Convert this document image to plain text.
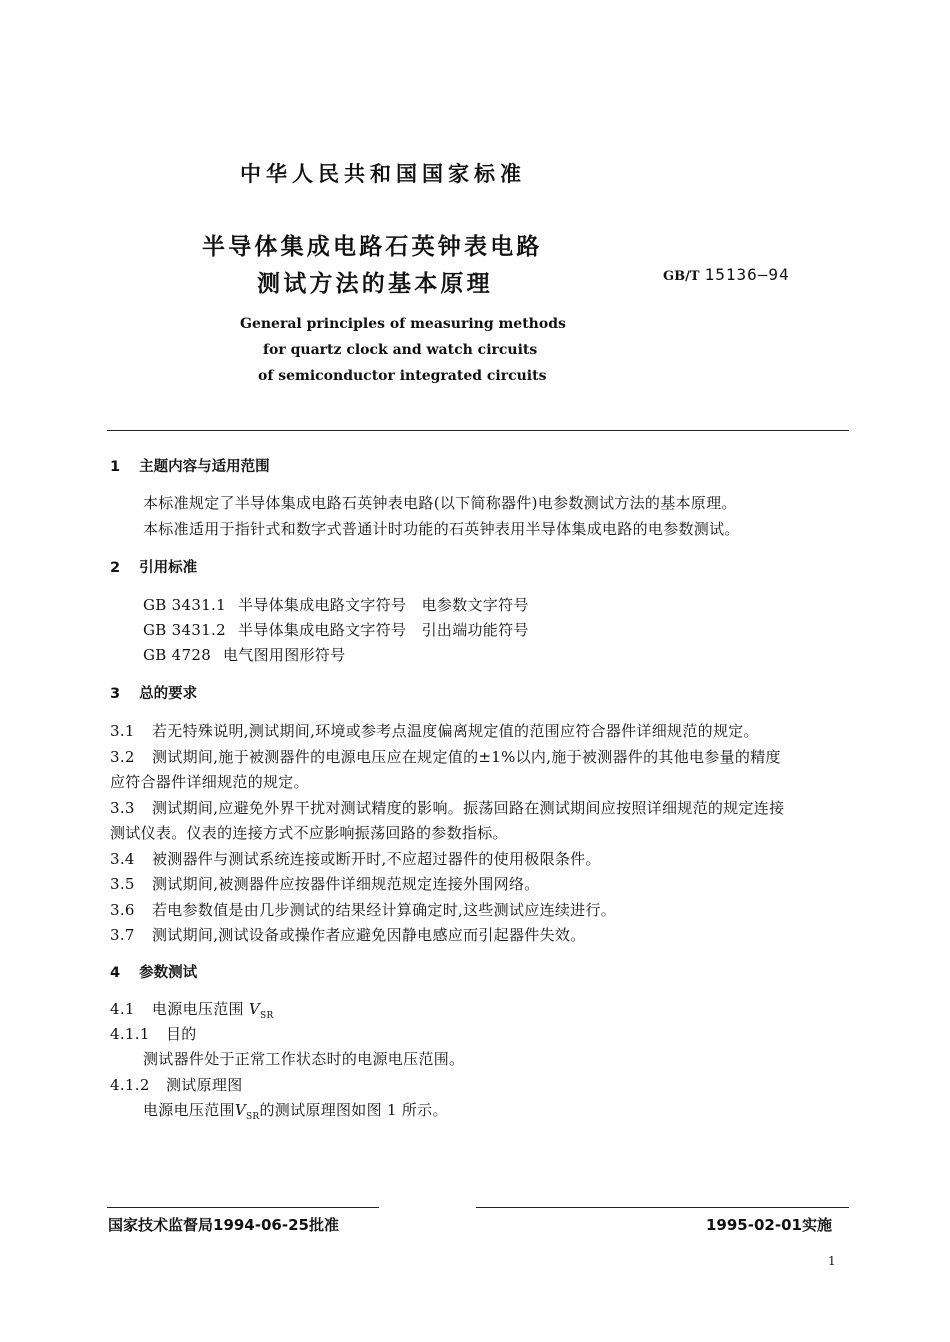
中华人民共和国国家标准
半导体集成电路石英钟表电路
测试方法的基本原理	GB/T 15136—94
General principles of measuring methods
for quartz clock and watch circuits
of semiconductor integrated circuits
1 主题内容与适用范围
本标准规定了半导体集成电路石英钟表电路(以下简称器件)电参数测试方法的基本原理。
本标准适用于指针式和数字式普通计时功能的石英钟表用半导体集成电路的电参数测试。
2 引用标准
GB 3431.1 半导体集成电路文字符号　电参数文字符号
GB 3431.2 半导体集成电路文字符号　引出端功能符号
GB 4728 电气图用图形符号
3 总的要求
3.1 若无特殊说明,测试期间,环境或参考点温度偏离规定值的范围应符合器件详细规范的规定。
3.2 测试期间,施于被测器件的电源电压应在规定值的±1%以内,施于被测器件的其他电参量的精度
应符合器件详细规范的规定。
3.3 测试期间,应避免外界干扰对测试精度的影响。振荡回路在测试期间应按照详细规范的规定连接
测试仪表。仪表的连接方式不应影响振荡回路的参数指标。
3.4 被测器件与测试系统连接或断开时,不应超过器件的使用极限条件。
3.5 测试期间,被测器件应按器件详细规范规定连接外围网络。
3.6 若电参数值是由几步测试的结果经计算确定时,这些测试应连续进行。
3.7 测试期间,测试设备或操作者应避免因静电感应而引起器件失效。
4 参数测试
4.1 电源电压范围 $V_{SR}$
4.1.1 目的
测试器件处于正常工作状态时的电源电压范围。
4.1.2 测试原理图
电源电压范围$V_{SR}$的测试原理图如图 1 所示。
国家技术监督局1994-06-25批准	1995-02-01实施
1
